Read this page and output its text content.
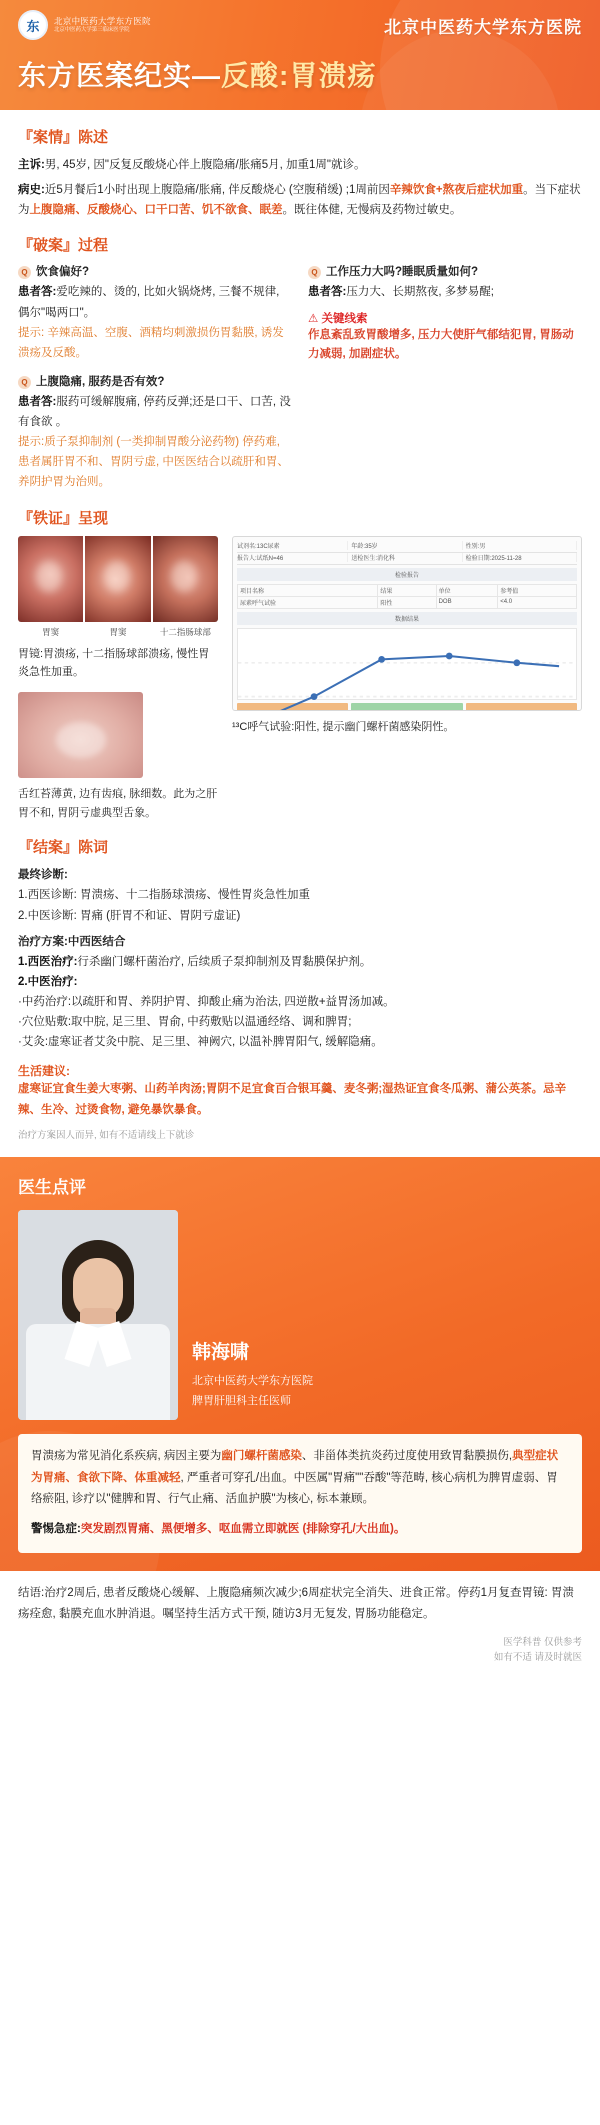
东	北京中医药大学东方医院
北京中医药大学第三临床医学院	北京中医药大学东方医院
东方医案纪实—反酸:胃溃疡
『案情』陈述

主诉:男, 45岁, 因"反复反酸烧心伴上腹隐痛/胀痛5月, 加重1周"就诊。

病史:近5月餐后1小时出现上腹隐痛/胀痛, 伴反酸烧心 (空腹稍缓) ;1周前因辛辣饮食+熬夜后症状加重。当下症状为上腹隐痛、反酸烧心、口干口苦、饥不欲食、眠差。既往体健, 无慢病及药物过敏史。

『破案』过程
Q 饮食偏好?

患者答:爱吃辣的、烫的, 比如火锅烧烤, 三餐不规律, 偶尔"喝两口"。

提示: 辛辣高温、空腹、酒精均刺激损伤胃黏膜, 诱发溃疡及反酸。

Q 上腹隐痛, 服药是否有效?

患者答:服药可缓解腹痛, 停药反弹;还是口干、口苦, 没有食欲 。

提示:质子泵抑制剂 (一类抑制胃酸分泌药物) 停药难, 患者属肝胃不和、胃阴亏虚, 中医医结合以疏肝和胃、养阴护胃为治则。

Q 工作压力大吗?睡眠质量如何?

患者答:压力大、长期熬夜, 多梦易醒;

⚠ 关键线索
作息紊乱致胃酸增多, 压力大使肝气郁结犯胃, 胃肠动力减弱, 加剧症状。
『铁证』呈现
胃窦	胃窦	十二指肠球部

胃镜:胃溃疡, 十二指肠球部溃疡, 慢性胃炎急性加重。

舌红苔薄黄, 边有齿痕, 脉细数。此为之肝胃不和, 胃阴亏虚典型舌象。

试剂名:13C尿素	年龄:35岁	性别:男
报告人:试纸N=46	送检医生:消化科	检验日期:2025-11-28
检验报告
项目名称	结果	单位	参考值
尿素呼气试验	阳性	DOB	<4.0
数据结果

¹³C呼气试验:阳性, 提示幽门螺杆菌感染阴性。

『结案』陈词

最终诊断:

1.西医诊断: 胃溃疡、十二指肠球溃疡、慢性胃炎急性加重

2.中医诊断: 胃痛 (肝胃不和证、胃阴亏虚证)

治疗方案:中西医结合

1.西医治疗:行杀幽门螺杆菌治疗, 后续质子泵抑制剂及胃黏膜保护剂。

2.中医治疗:

·中药治疗:以疏肝和胃、养阴护胃、抑酸止痛为治法, 四逆散+益胃汤加减。

·穴位贴敷:取中脘, 足三里、胃俞, 中药敷贴以温通经络、调和脾胃;

·艾灸:虚寒证者艾灸中脘、足三里、神阙穴, 以温补脾胃阳气, 缓解隐痛。

生活建议:
虚寒证宜食生姜大枣粥、山药羊肉汤;胃阴不足宜食百合银耳羹、麦冬粥;湿热证宜食冬瓜粥、蒲公英茶。忌辛辣、生冷、过烫食物, 避免暴饮暴食。
治疗方案因人而异, 如有不适请线上下就诊
医生点评
韩海啸
北京中医药大学东方医院
脾胃肝胆科主任医师

胃溃疡为常见消化系疾病, 病因主要为幽门螺杆菌感染、非甾体类抗炎药过度使用致胃黏膜损伤,典型症状为胃痛、食欲下降、体重减轻, 严重者可穿孔/出血。中医属"胃痛""吞酸"等范畴, 核心病机为脾胃虚弱、胃络瘀阻, 诊疗以"健脾和胃、行气止痛、活血护膜"为核心, 标本兼顾。

警惕急症:突发剧烈胃痛、黑便增多、呕血需立即就医 (排除穿孔/大出血)。

结语:治疗2周后, 患者反酸烧心缓解、上腹隐痛频次减少;6周症状完全消失、进食正常。停药1月复查胃镜: 胃溃疡痊愈, 黏膜充血水肿消退。嘱坚持生活方式干预, 随访3月无复发, 胃肠功能稳定。

医学科普 仅供参考
如有不适 请及时就医
